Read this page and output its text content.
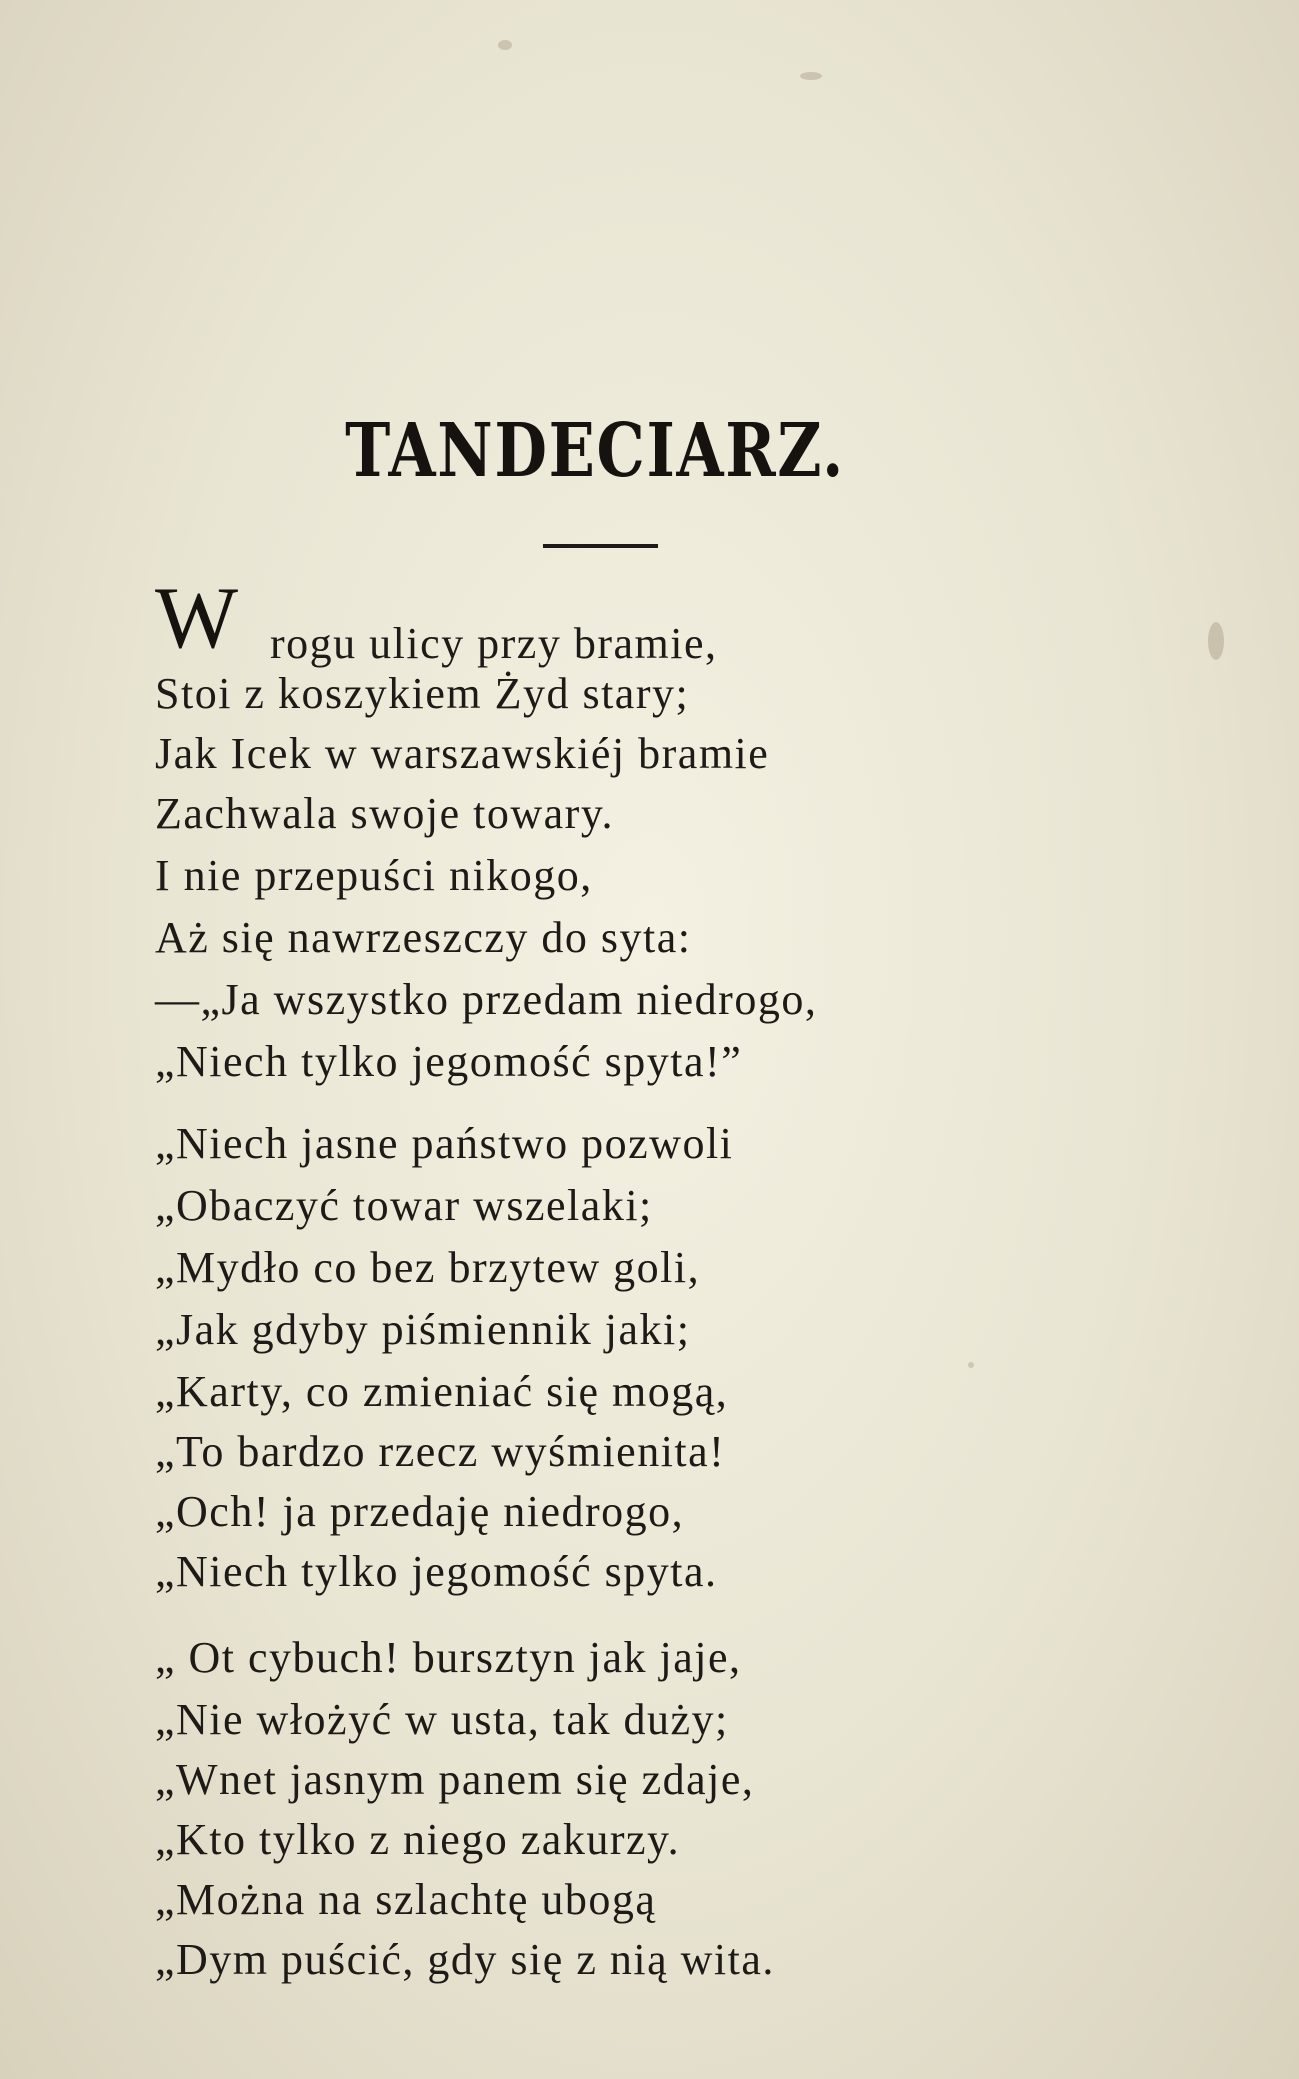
TANDECIARZ.
W rogu ulicy przy bramie,
Stoi z koszykiem Żyd stary;
Jak Icek w warszawskiéj bramie
Zachwala swoje towary.
I nie przepuści nikogo,
Aż się nawrzeszczy do syta:
—„Ja wszystko przedam niedrogo,
„Niech tylko jegomość spyta!”
„Niech jasne państwo pozwoli
„Obaczyć towar wszelaki;
„Mydło co bez brzytew goli,
„Jak gdyby piśmiennik jaki;
„Karty, co zmieniać się mogą,
„To bardzo rzecz wyśmienita!
„Och! ja przedaję niedrogo,
„Niech tylko jegomość spyta.
„ Ot cybuch! bursztyn jak jaje,
„Nie włożyć w usta, tak duży;
„Wnet jasnym panem się zdaje,
„Kto tylko z niego zakurzy.
„Można na szlachtę ubogą
„Dym puścić, gdy się z nią wita.
